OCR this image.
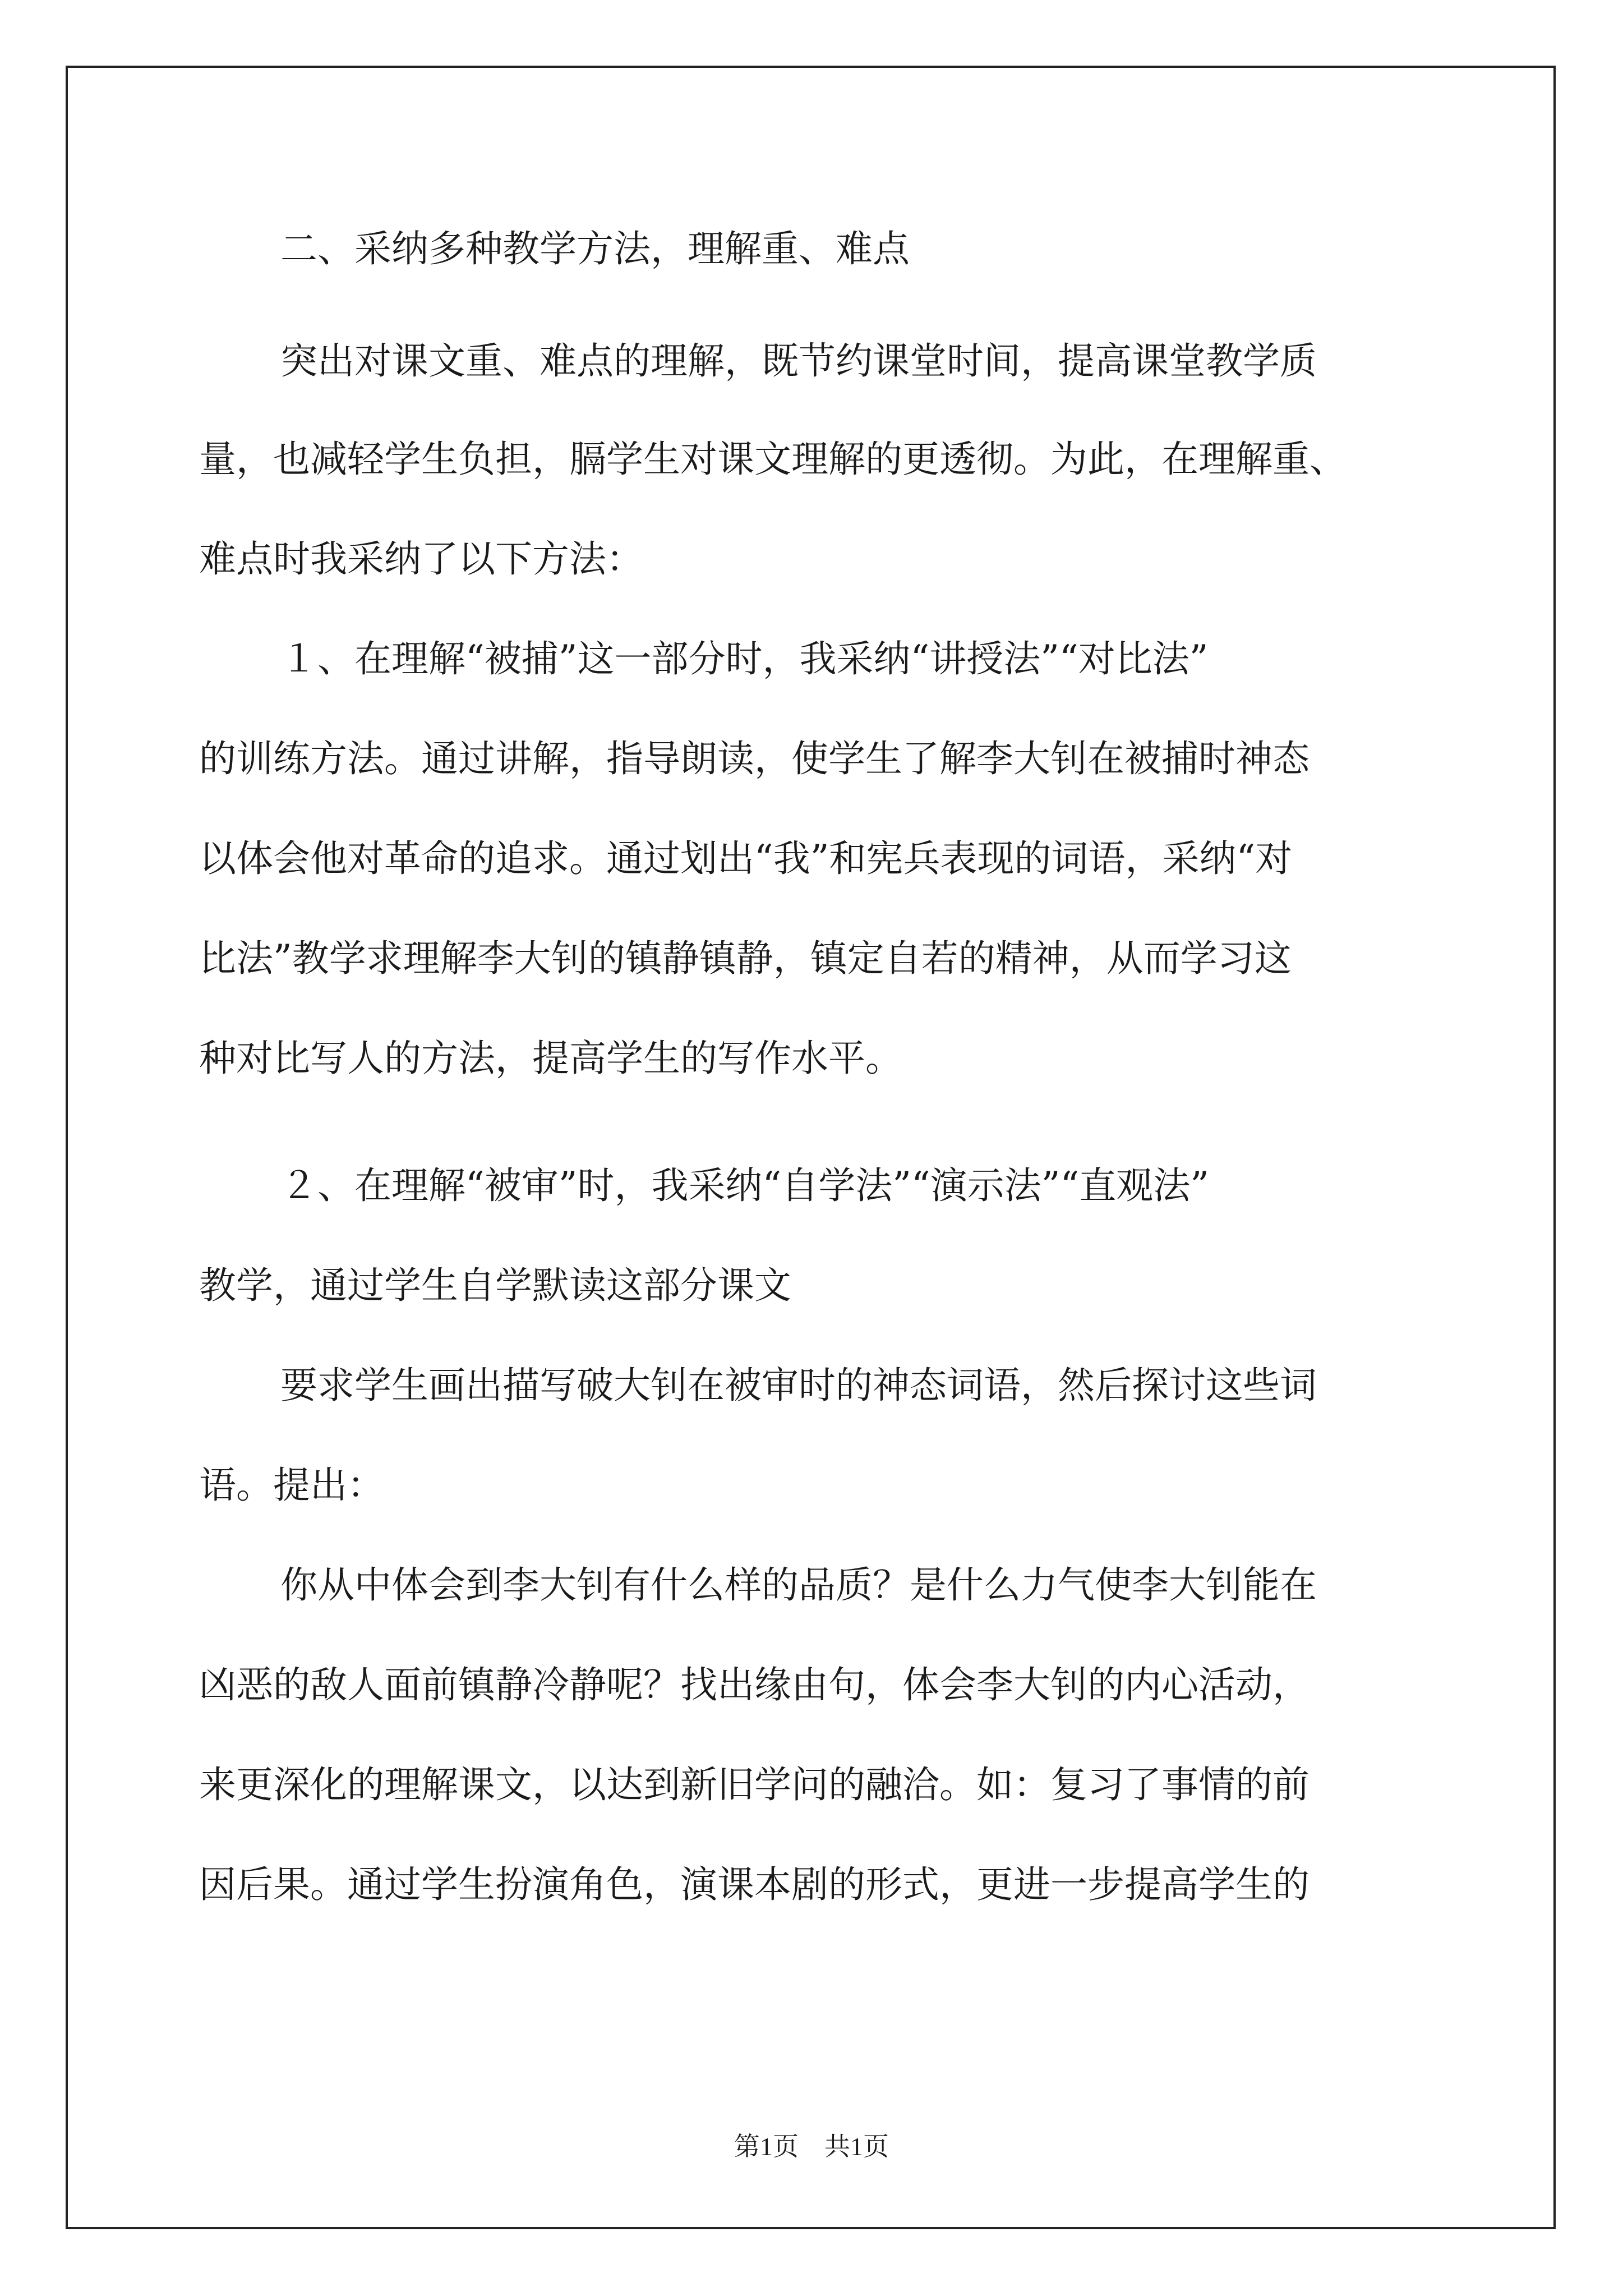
二、采纳多种教学方法，理解重、难点

突出对课文重、难点的理解，既节约课堂时间，提高课堂教学质

量，也减轻学生负担，膈学生对课文理解的更透彻。为此，在理解重、

难点时我采纳了以下方法：

１、在理解“被捕”这一部分时，我采纳“讲授法”“对比法”

的训练方法。通过讲解，指导朗读，使学生了解李大钊在被捕时神态

以体会他对革命的追求。通过划出“我”和宪兵表现的词语，采纳“对

比法”教学求理解李大钊的镇静镇静，镇定自若的精神，从而学习这

种对比写人的方法，提高学生的写作水平。

２、在理解“被审”时，我采纳“自学法”“演示法”“直观法”

教学，通过学生自学默读这部分课文

要求学生画出描写破大钊在被审时的神态词语，然后探讨这些词

语。提出：

你从中体会到李大钊有什么样的品质？是什么力气使李大钊能在

凶恶的敌人面前镇静冷静呢？找出缘由句，体会李大钊的内心活动，

来更深化的理解课文，以达到新旧学问的融洽。如：复习了事情的前

因后果。通过学生扮演角色，演课本剧的形式，更进一步提高学生的

第1页　共1页
